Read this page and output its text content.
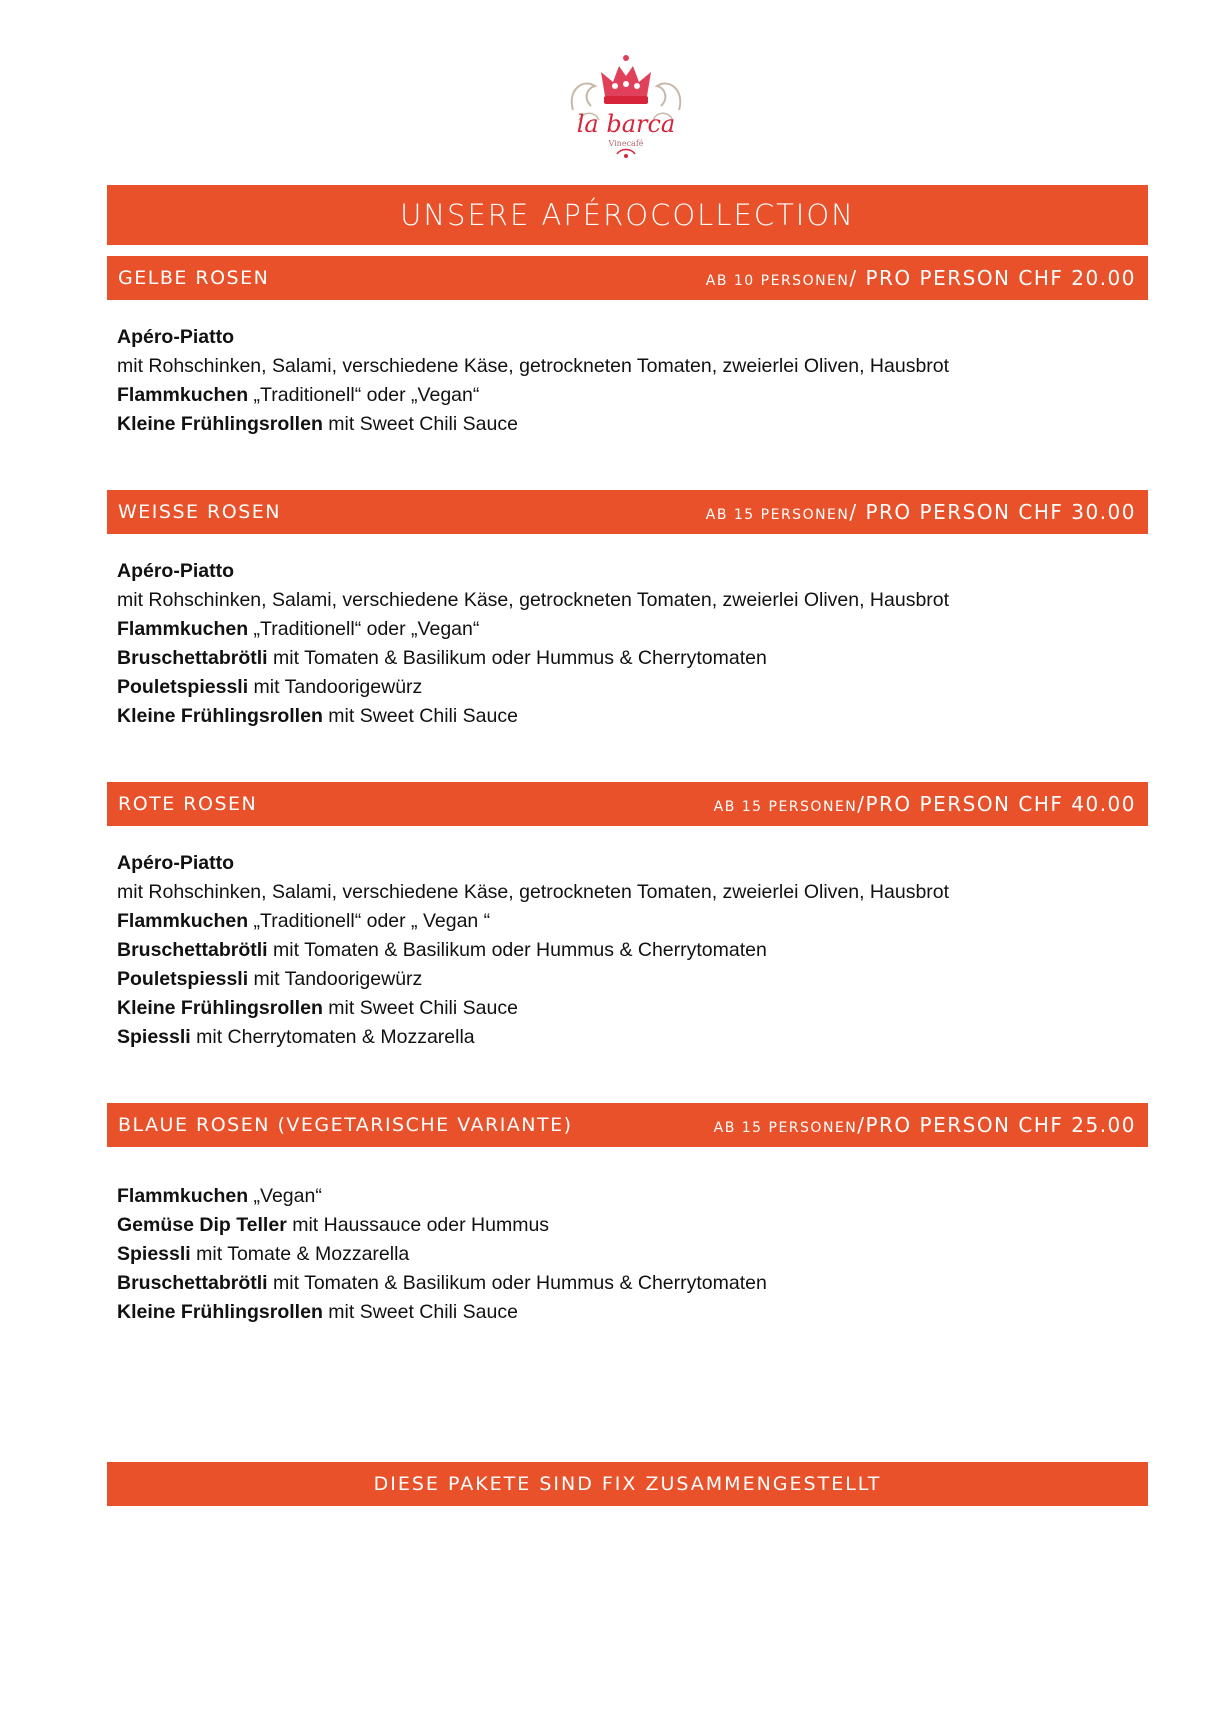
la barca
Vinecafé
UNSERE APÉROCOLLECTION
GELBE ROSEN	AB 10 PERSONEN / PRO PERSON CHF 20.00
Apéro-Piatto
mit Rohschinken, Salami, verschiedene Käse, getrockneten Tomaten, zweierlei Oliven, Hausbrot
Flammkuchen „Traditionell“ oder „Vegan“
Kleine Frühlingsrollen mit Sweet Chili Sauce
WEISSE ROSEN	AB 15 PERSONEN / PRO PERSON CHF 30.00
Apéro-Piatto
mit Rohschinken, Salami, verschiedene Käse, getrockneten Tomaten, zweierlei Oliven, Hausbrot
Flammkuchen „Traditionell“ oder „Vegan“
Bruschettabrötli mit Tomaten & Basilikum oder Hummus & Cherrytomaten
Pouletspiessli mit Tandoorigewürz
Kleine Frühlingsrollen mit Sweet Chili Sauce
ROTE ROSEN	AB 15 PERSONEN /PRO PERSON CHF 40.00
Apéro-Piatto
mit Rohschinken, Salami, verschiedene Käse, getrockneten Tomaten, zweierlei Oliven, Hausbrot
Flammkuchen „Traditionell“ oder „ Vegan “
Bruschettabrötli mit Tomaten & Basilikum oder Hummus & Cherrytomaten
Pouletspiessli mit Tandoorigewürz
Kleine Frühlingsrollen mit Sweet Chili Sauce
Spiessli mit Cherrytomaten & Mozzarella
BLAUE ROSEN (VEGETARISCHE VARIANTE)	AB 15 PERSONEN /PRO PERSON CHF 25.00
Flammkuchen „Vegan“
Gemüse Dip Teller mit Haussauce oder Hummus
Spiessli mit Tomate & Mozzarella
Bruschettabrötli mit Tomaten & Basilikum oder Hummus & Cherrytomaten
Kleine Frühlingsrollen mit Sweet Chili Sauce
DIESE PAKETE SIND FIX ZUSAMMENGESTELLT
